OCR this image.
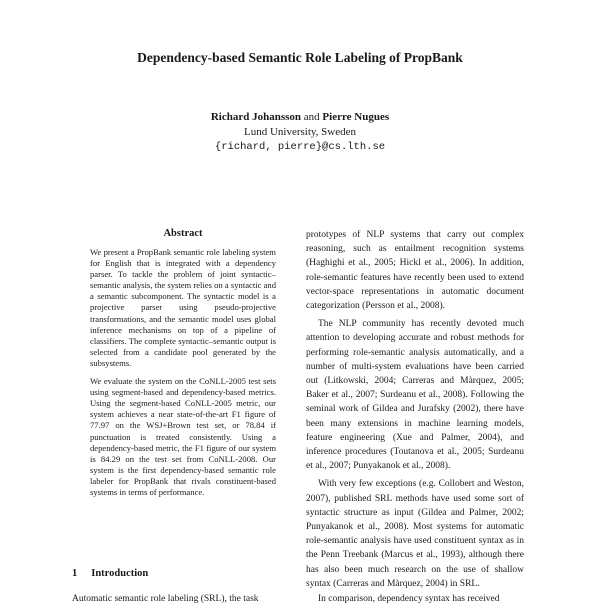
Dependency-based Semantic Role Labeling of PropBank
Richard Johansson and Pierre Nugues
Lund University, Sweden
{richard, pierre}@cs.lth.se
Abstract

We present a PropBank semantic role labeling system for English that is integrated with a dependency parser. To tackle the problem of joint syntactic–semantic analysis, the system relies on a syntactic and a semantic subcomponent. The syntactic model is a projective parser using pseudo-projective transformations, and the semantic model uses global inference mechanisms on top of a pipeline of classifiers. The complete syntactic–semantic output is selected from a candidate pool generated by the subsystems.

We evaluate the system on the CoNLL-2005 test sets using segment-based and dependency-based metrics. Using the segment-based CoNLL-2005 metric, our system achieves a near state-of-the-art F1 figure of 77.97 on the WSJ+Brown test set, or 78.84 if punctuation is treated consistently. Using a dependency-based metric, the F1 figure of our system is 84.29 on the test set from CoNLL-2008. Our system is the first dependency-based semantic role labeler for PropBank that rivals constituent-based systems in terms of performance.

1 Introduction
Automatic semantic role labeling (SRL), the task

prototypes of NLP systems that carry out complex reasoning, such as entailment recognition systems (Haghighi et al., 2005; Hickl et al., 2006). In addition, role-semantic features have recently been used to extend vector-space representations in automatic document categorization (Persson et al., 2008).

The NLP community has recently devoted much attention to developing accurate and robust methods for performing role-semantic analysis automatically, and a number of multi-system evaluations have been carried out (Litkowski, 2004; Carreras and Màrquez, 2005; Baker et al., 2007; Surdeanu et al., 2008). Following the seminal work of Gildea and Jurafsky (2002), there have been many extensions in machine learning models, feature engineering (Xue and Palmer, 2004), and inference procedures (Toutanova et al., 2005; Surdeanu et al., 2007; Punyakanok et al., 2008).

With very few exceptions (e.g. Collobert and Weston, 2007), published SRL methods have used some sort of syntactic structure as input (Gildea and Palmer, 2002; Punyakanok et al., 2008). Most systems for automatic role-semantic analysis have used constituent syntax as in the Penn Treebank (Marcus et al., 1993), although there has also been much research on the use of shallow syntax (Carreras and Màrquez, 2004) in SRL.

In comparison, dependency syntax has received
